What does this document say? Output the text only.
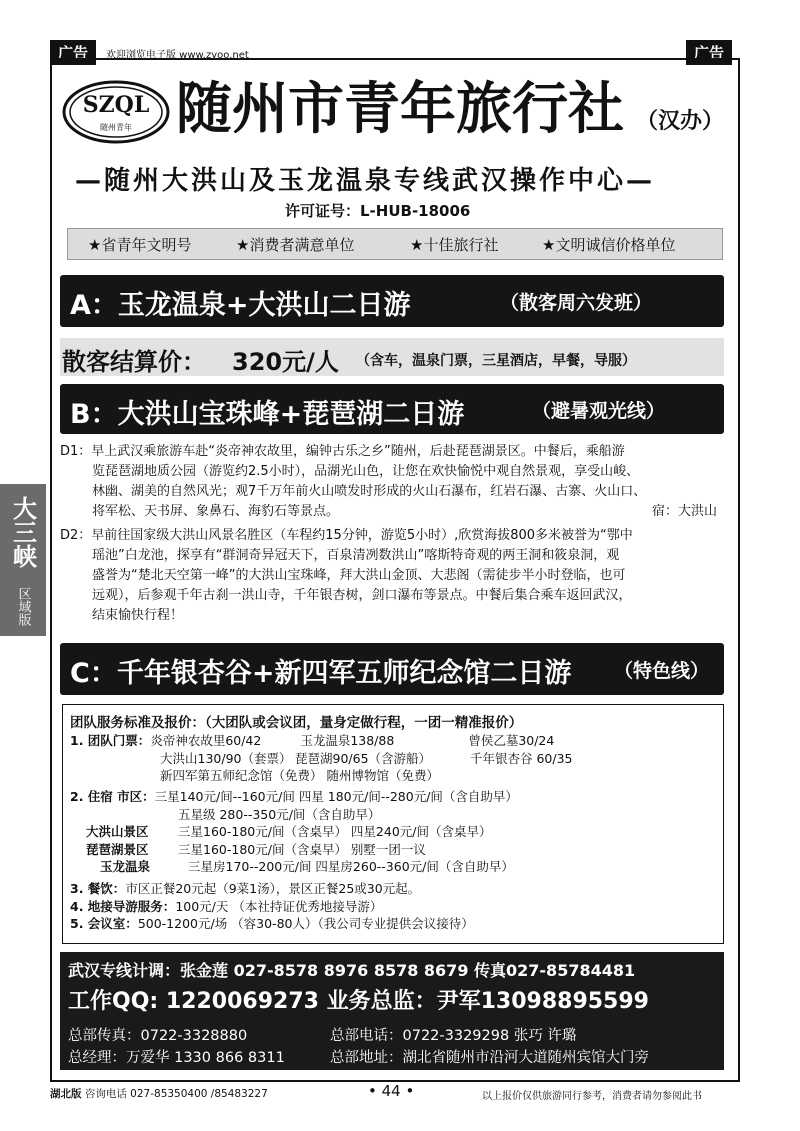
广告	欢迎浏览电子版 www.zyoo.net	广告
SZQL
随州青年 随州市青年旅行社 （汉办）
—随州大洪山及玉龙温泉专线武汉操作中心—
许可证号：L-HUB-18006
★省青年文明号	★消费者满意单位	★十佳旅行社	★文明诚信价格单位
A：玉龙温泉+大洪山二日游	（散客周六发班）
散客结算价： 320元/人 （含车，温泉门票，三星酒店，早餐，导服）
B：大洪山宝珠峰+琵琶湖二日游	（避暑观光线）
D1：早上武汉乘旅游车赴“炎帝神农故里，编钟古乐之乡”随州，后赴琵琶湖景区。中餐后，乘船游
览琵琶湖地质公园（游览约2.5小时），品湖光山色，让您在欢快愉悦中观自然景观，享受山峻、
林幽、湖美的自然风光；观7千万年前火山喷发时形成的火山石瀑布，红岩石瀑、古寨、火山口、
将军松、天书屏、象鼻石、海豹石等景点。	宿：大洪山
D2：早前往国家级大洪山风景名胜区（车程约15分钟，游览5小时）,欣赏海拔800多米被誉为“鄂中
瑶池”白龙池，探享有“群洞奇异冠天下，百泉清冽数洪山”喀斯特奇观的两王洞和筱泉洞，观
盛誉为“楚北天空第一峰”的大洪山宝珠峰，拜大洪山金顶、大悲阁（需徒步半小时登临，也可
远观），后参观千年古刹一洪山寺，千年银杏树，剑口瀑布等景点。中餐后集合乘车返回武汉，
结束愉快行程！
大三峡
区域版
C：千年银杏谷+新四军五师纪念馆二日游 （特色线）
团队服务标准及报价：（大团队或会议团，量身定做行程，一团一精准报价）
1. 团队门票：炎帝神农故里60/42	玉龙温泉138/88	曾侯乙墓30/24
大洪山130/90（套票） 琵琶湖90/65（含游船）	千年银杏谷 60/35
新四军第五师纪念馆（免费） 随州博物馆（免费）
2. 住宿 市区：三星140元/间--160元/间 四星 180元/间--280元/间（含自助早）
五星级 280--350元/间（含自助早）
大洪山景区 三星160-180元/间（含桌早） 四星240元/间（含桌早）
琵琶湖景区 三星160-180元/间（含桌早） 别墅一团一议
玉龙温泉	三星房170--200元/间 四星房260--360元/间（含自助早）
3. 餐饮：市区正餐20元起（9菜1汤），景区正餐25或30元起。
4. 地接导游服务：100元/天 （本社持证优秀地接导游）
5. 会议室：500-1200元/场 （容30-80人）（我公司专业提供会议接待）
武汉专线计调：张金莲 027-8578 8976 8578 8679 传真027-85784481
工作QQ: 1220069273 业务总监：尹军13098895599
总部传真：0722-3328880	总部电话：0722-3329298 张巧 许璐
总经理：万爱华 1330 866 8311	总部地址：湖北省随州市沿河大道随州宾馆大门旁
湖北版 咨询电话 027-85350400 /85483227	• 44 •	以上报价仅供旅游同行参考，消费者请勿参阅此书
